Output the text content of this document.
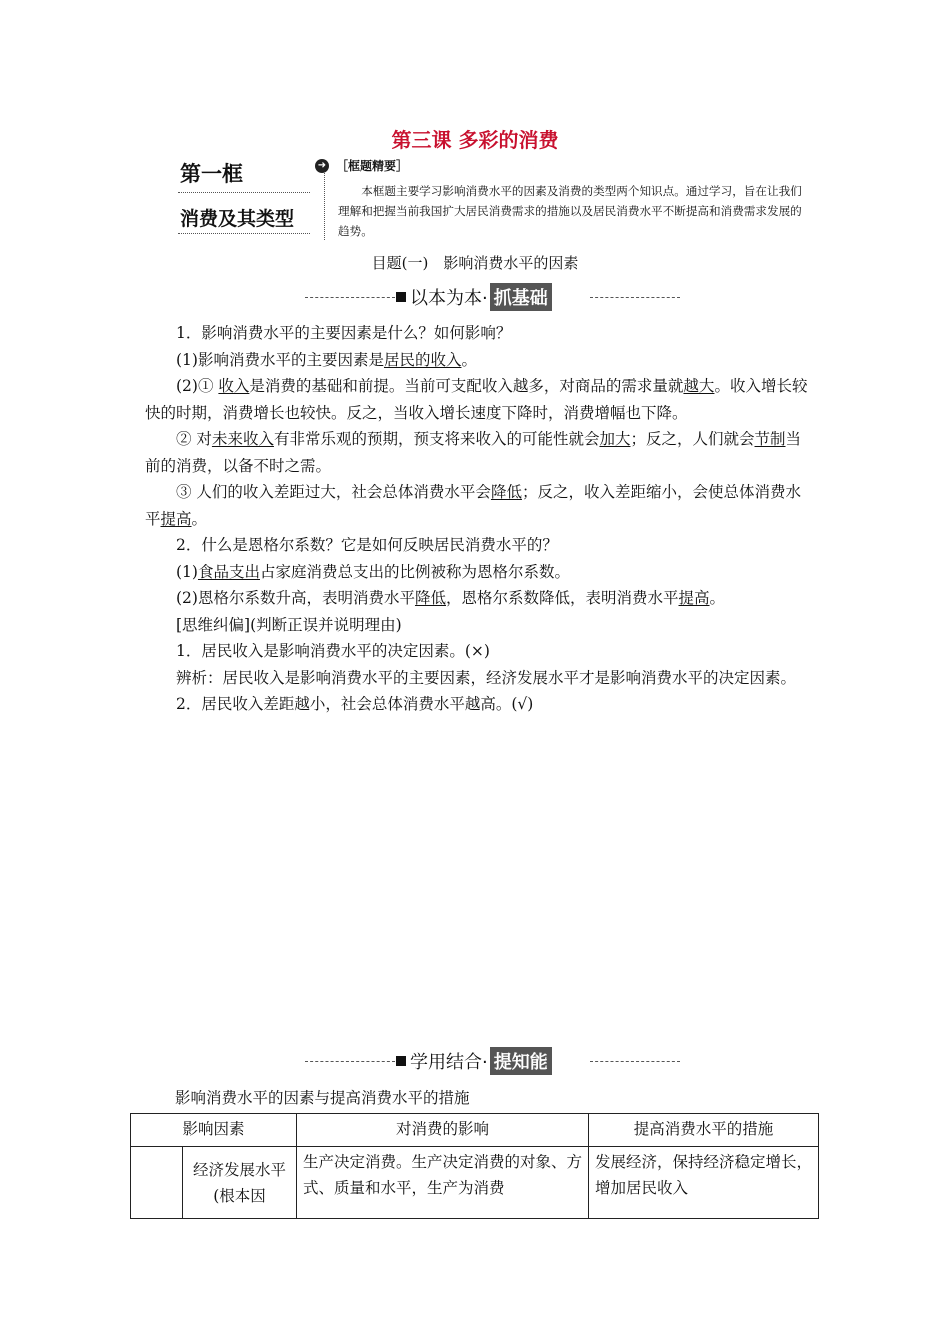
第三课 多彩的消费
第一框
消费及其类型
➜ ［框题精要］
本框题主要学习影响消费水平的因素及消费的类型两个知识点。通过学习，旨在让我们理解和把握当前我国扩大居民消费需求的措施以及居民消费水平不断提高和消费需求发展的趋势。
目题(一)　影响消费水平的因素
以本为本· 抓基础

1．影响消费水平的主要因素是什么？如何影响？

(1)影响消费水平的主要因素是居民的收入。

(2)① 收入是消费的基础和前提。当前可支配收入越多，对商品的需求量就越大。收入增长较快的时期，消费增长也较快。反之，当收入增长速度下降时，消费增幅也下降。

② 对未来收入有非常乐观的预期，预支将来收入的可能性就会加大；反之，人们就会节制当前的消费，以备不时之需。

③ 人们的收入差距过大，社会总体消费水平会降低；反之，收入差距缩小，会使总体消费水平提高。

2．什么是恩格尔系数？它是如何反映居民消费水平的？

(1)食品支出占家庭消费总支出的比例被称为恩格尔系数。

(2)恩格尔系数升高，表明消费水平降低，恩格尔系数降低，表明消费水平提高。

[思维纠偏](判断正误并说明理由)

1．居民收入是影响消费水平的决定因素。(×)

辨析：居民收入是影响消费水平的主要因素，经济发展水平才是影响消费水平的决定因素。

2．居民收入差距越小，社会总体消费水平越高。(√)

学用结合· 提知能
影响消费水平的因素与提高消费水平的措施
影响因素		对消费的影响	提高消费水平的措施
	经济发展水平(根本因	生产决定消费。生产决定消费的对象、方式、质量和水平，生产为消费	发展经济，保持经济稳定增长，增加居民收入
